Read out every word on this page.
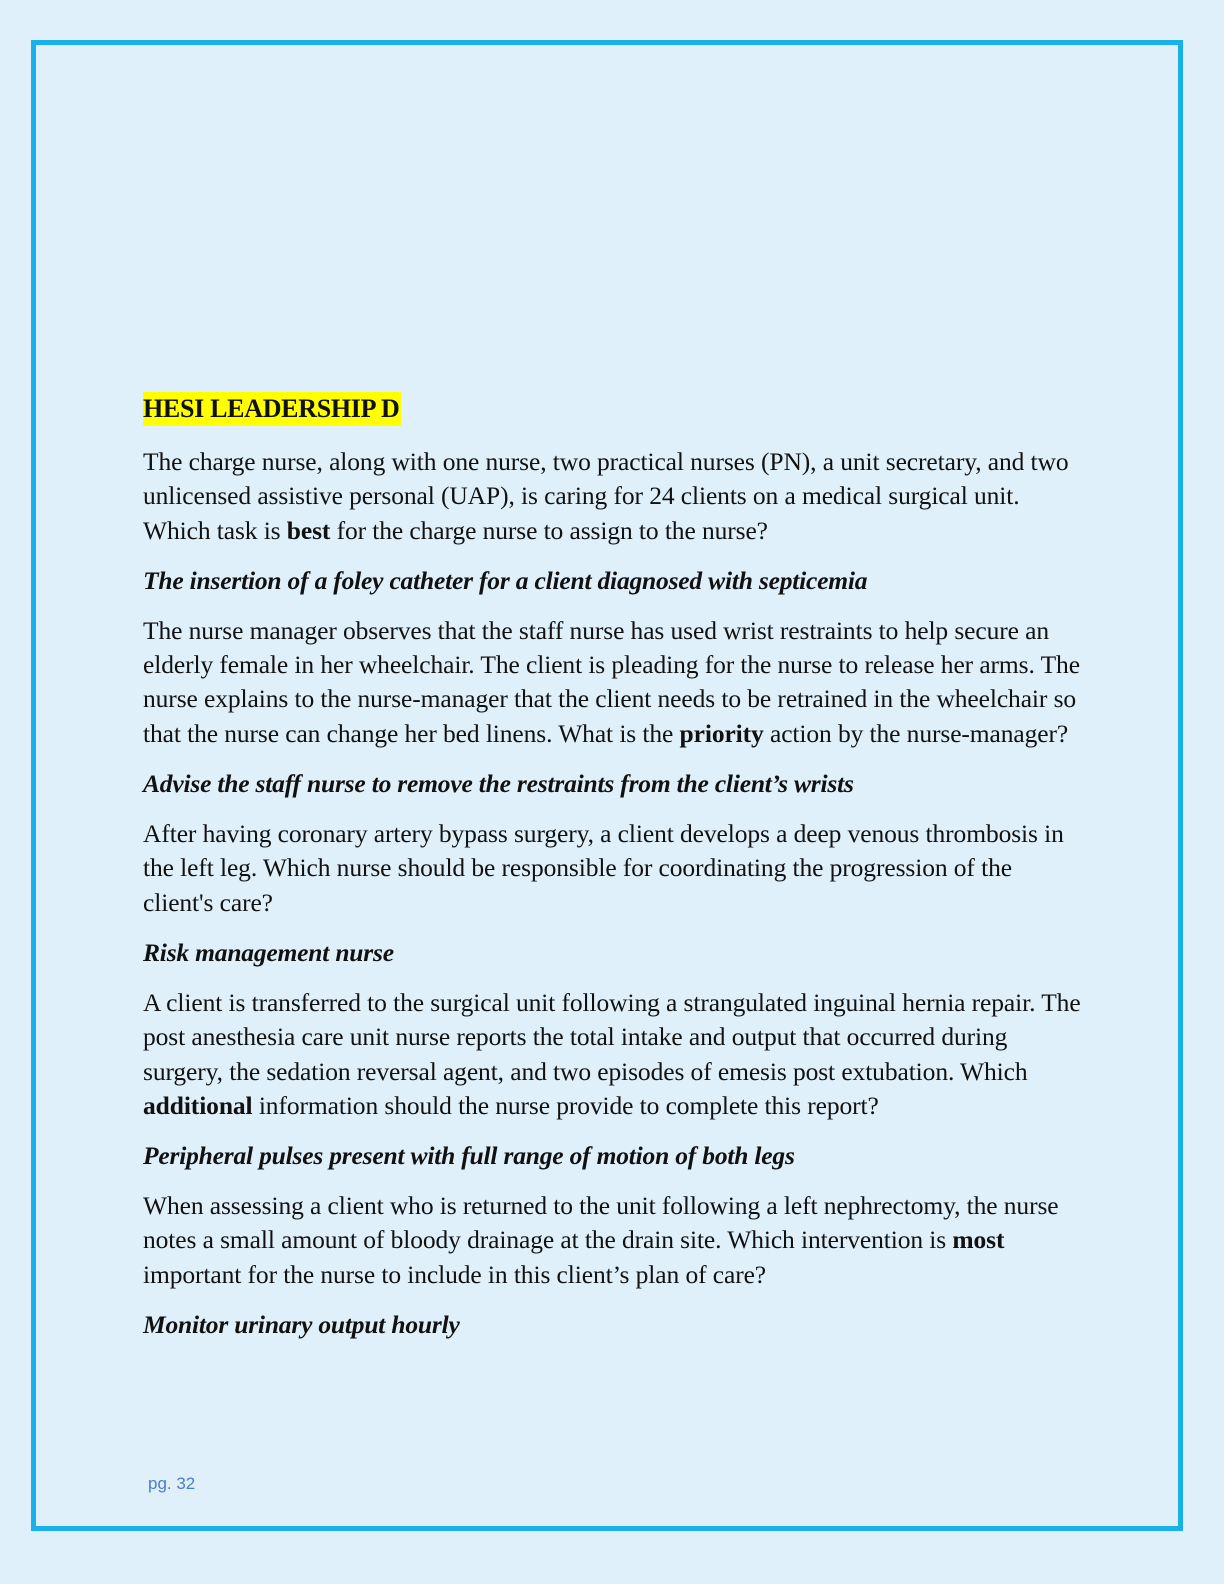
HESI LEADERSHIP D

The charge nurse, along with one nurse, two practical nurses (PN), a unit secretary, and two unlicensed assistive personal (UAP), is caring for 24 clients on a medical surgical unit. Which task is best for the charge nurse to assign to the nurse?

The insertion of a foley catheter for a client diagnosed with septicemia

The nurse manager observes that the staff nurse has used wrist restraints to help secure an elderly female in her wheelchair. The client is pleading for the nurse to release her arms. The nurse explains to the nurse-manager that the client needs to be retrained in the wheelchair so that the nurse can change her bed linens. What is the priority action by the nurse-manager?

Advise the staff nurse to remove the restraints from the client’s wrists

After having coronary artery bypass surgery, a client develops a deep venous thrombosis in the left leg. Which nurse should be responsible for coordinating the progression of the client's care?

Risk management nurse

A client is transferred to the surgical unit following a strangulated inguinal hernia repair. The post anesthesia care unit nurse reports the total intake and output that occurred during surgery, the sedation reversal agent, and two episodes of emesis post extubation. Which additional information should the nurse provide to complete this report?

Peripheral pulses present with full range of motion of both legs

When assessing a client who is returned to the unit following a left nephrectomy, the nurse notes a small amount of bloody drainage at the drain site. Which intervention is most important for the nurse to include in this client’s plan of care?

Monitor urinary output hourly

pg. 32
